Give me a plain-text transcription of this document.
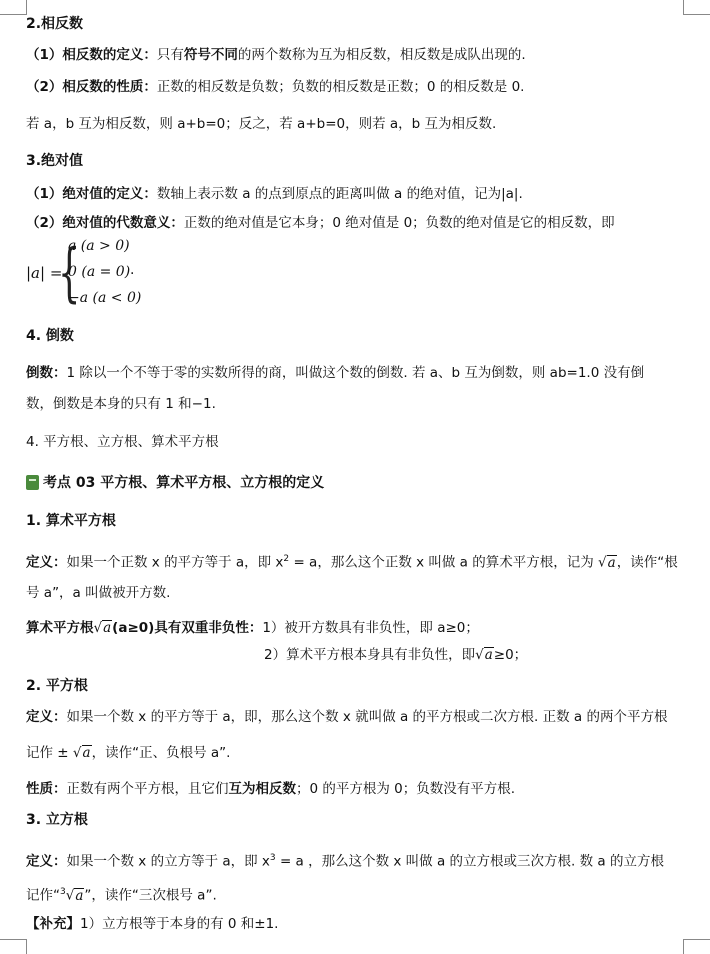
2.相反数
（1）相反数的定义：只有符号不同的两个数称为互为相反数，相反数是成队出现的.
（2）相反数的性质：正数的相反数是负数；负数的相反数是正数；0 的相反数是 0.
若 a，b 互为相反数，则 a+b=0；反之，若 a+b=0，则若 a，b 互为相反数.
3.绝对值
（1）绝对值的定义：数轴上表示数 a 的点到原点的距离叫做 a 的绝对值，记为|a|.
（2）绝对值的代数意义：正数的绝对值是它本身；0 绝对值是 0；负数的绝对值是它的相反数，即
|a| =
{
a (a > 0)
0 (a = 0)
−a (a < 0)
.
4. 倒数
倒数：1 除以一个不等于零的实数所得的商，叫做这个数的倒数. 若 a、b 互为倒数，则 ab=1.0 没有倒
数，倒数是本身的只有 1 和−1.
4. 平方根、立方根、算术平方根
考点 03 平方根、算术平方根、立方根的定义
1. 算术平方根
定义：如果一个正数 x 的平方等于 a，即 $x^2 = a$，那么这个正数 x 叫做 a 的算术平方根，记为 √a，读作“根
号 a”，a 叫做被开方数.
算术平方根√a(a≥0)具有双重非负性：1）被开方数具有非负性，即 a≥0；
2）算术平方根本身具有非负性，即√a≥0；
2. 平方根
定义：如果一个数 x 的平方等于 a，即，那么这个数 x 就叫做 a 的平方根或二次方根. 正数 a 的两个平方根
记作 ± √a，读作“正、负根号 a”.
性质：正数有两个平方根，且它们互为相反数；0 的平方根为 0；负数没有平方根.
3. 立方根
定义：如果一个数 x 的立方等于 a，即 $x^3 = a$ ，那么这个数 x 叫做 a 的立方根或三次方根. 数 a 的立方根
记作“$^3$√a”，读作“三次根号 a”.
【补充】1）立方根等于本身的有 0 和±1.
